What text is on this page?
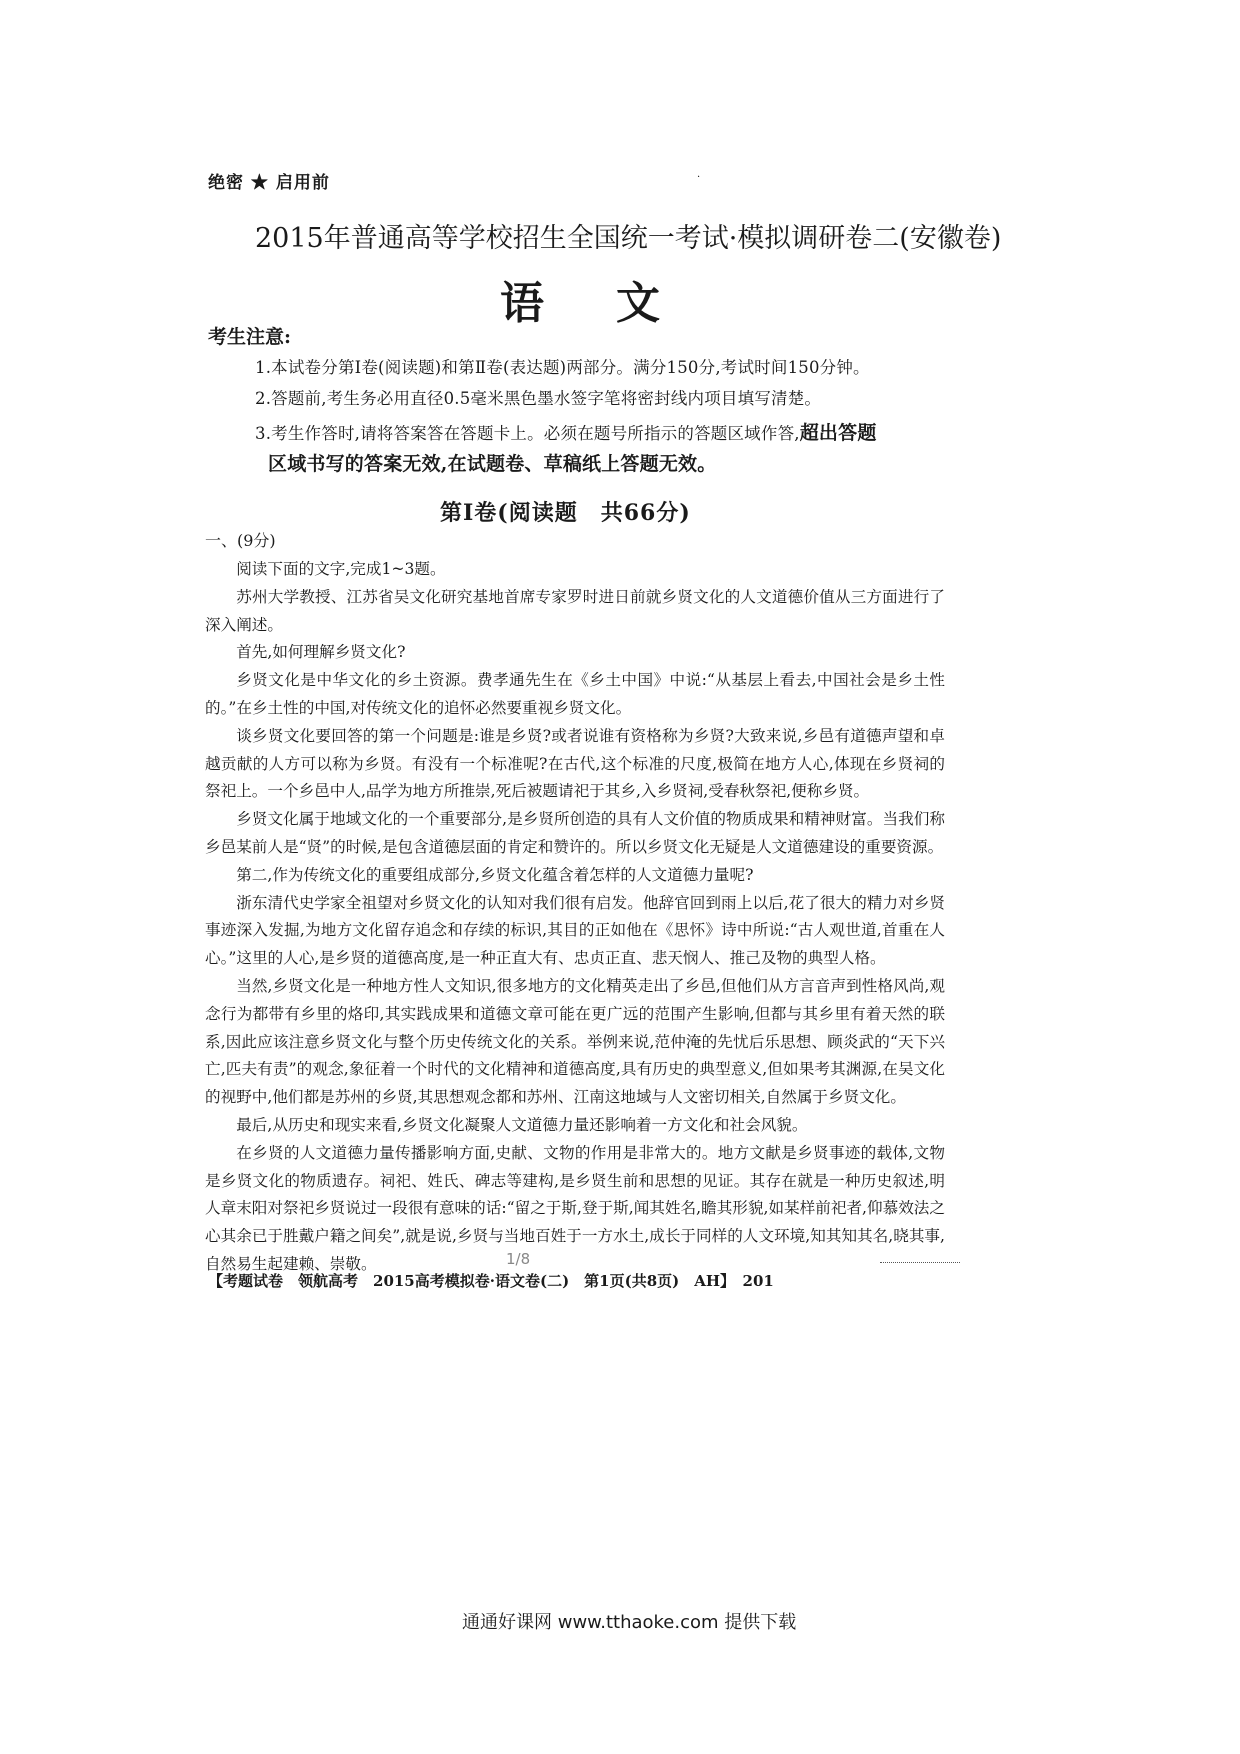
绝密 ★ 启用前	·
2015年普通高等学校招生全国统一考试·模拟调研卷二(安徽卷)
语文
考生注意:
1.本试卷分第Ⅰ卷(阅读题)和第Ⅱ卷(表达题)两部分。满分150分,考试时间150分钟。
2.答题前,考生务必用直径0.5毫米黑色墨水签字笔将密封线内项目填写清楚。
3.考生作答时,请将答案答在答题卡上。必须在题号所指示的答题区域作答,超出答题
区域书写的答案无效,在试题卷、草稿纸上答题无效。
第Ⅰ卷(阅读题　共66分)
一、(9分)

阅读下面的文字,完成1~3题。

苏州大学教授、江苏省吴文化研究基地首席专家罗时进日前就乡贤文化的人文道德价值从三方面进行了深入阐述。

首先,如何理解乡贤文化?

乡贤文化是中华文化的乡土资源。费孝通先生在《乡土中国》中说:“从基层上看去,中国社会是乡土性的。”在乡土性的中国,对传统文化的追怀必然要重视乡贤文化。

谈乡贤文化要回答的第一个问题是:谁是乡贤?或者说谁有资格称为乡贤?大致来说,乡邑有道德声望和卓越贡献的人方可以称为乡贤。有没有一个标准呢?在古代,这个标准的尺度,极简在地方人心,体现在乡贤祠的祭祀上。一个乡邑中人,品学为地方所推崇,死后被题请祀于其乡,入乡贤祠,受春秋祭祀,便称乡贤。

乡贤文化属于地域文化的一个重要部分,是乡贤所创造的具有人文价值的物质成果和精神财富。当我们称乡邑某前人是“贤”的时候,是包含道德层面的肯定和赞许的。所以乡贤文化无疑是人文道德建设的重要资源。

第二,作为传统文化的重要组成部分,乡贤文化蕴含着怎样的人文道德力量呢?

浙东清代史学家全祖望对乡贤文化的认知对我们很有启发。他辞官回到雨上以后,花了很大的精力对乡贤事迹深入发掘,为地方文化留存追念和存续的标识,其目的正如他在《思怀》诗中所说:“古人观世道,首重在人心。”这里的人心,是乡贤的道德高度,是一种正直大有、忠贞正直、悲天悯人、推己及物的典型人格。

当然,乡贤文化是一种地方性人文知识,很多地方的文化精英走出了乡邑,但他们从方言音声到性格风尚,观念行为都带有乡里的烙印,其实践成果和道德文章可能在更广远的范围产生影响,但都与其乡里有着天然的联系,因此应该注意乡贤文化与整个历史传统文化的关系。举例来说,范仲淹的先忧后乐思想、顾炎武的“天下兴亡,匹夫有责”的观念,象征着一个时代的文化精神和道德高度,具有历史的典型意义,但如果考其渊源,在吴文化的视野中,他们都是苏州的乡贤,其思想观念都和苏州、江南这地域与人文密切相关,自然属于乡贤文化。

最后,从历史和现实来看,乡贤文化凝聚人文道德力量还影响着一方文化和社会风貌。

在乡贤的人文道德力量传播影响方面,史献、文物的作用是非常大的。地方文献是乡贤事迹的载体,文物是乡贤文化的物质遗存。祠祀、姓氏、碑志等建构,是乡贤生前和思想的见证。其存在就是一种历史叙述,明人章末阳对祭祀乡贤说过一段很有意味的话:“留之于斯,登于斯,闻其姓名,瞻其形貌,如某样前祀者,仰慕效法之心其余已于胜戴户籍之间矣”,就是说,乡贤与当地百姓于一方水土,成长于同样的人文环境,知其知其名,晓其事,自然易生起建赖、崇敬。	1/8
【考题试卷　领航高考　2015高考模拟卷·语文卷(二)　第1页(共8页)　AH】　201
通通好课网 www.tthaoke.com 提供下载
